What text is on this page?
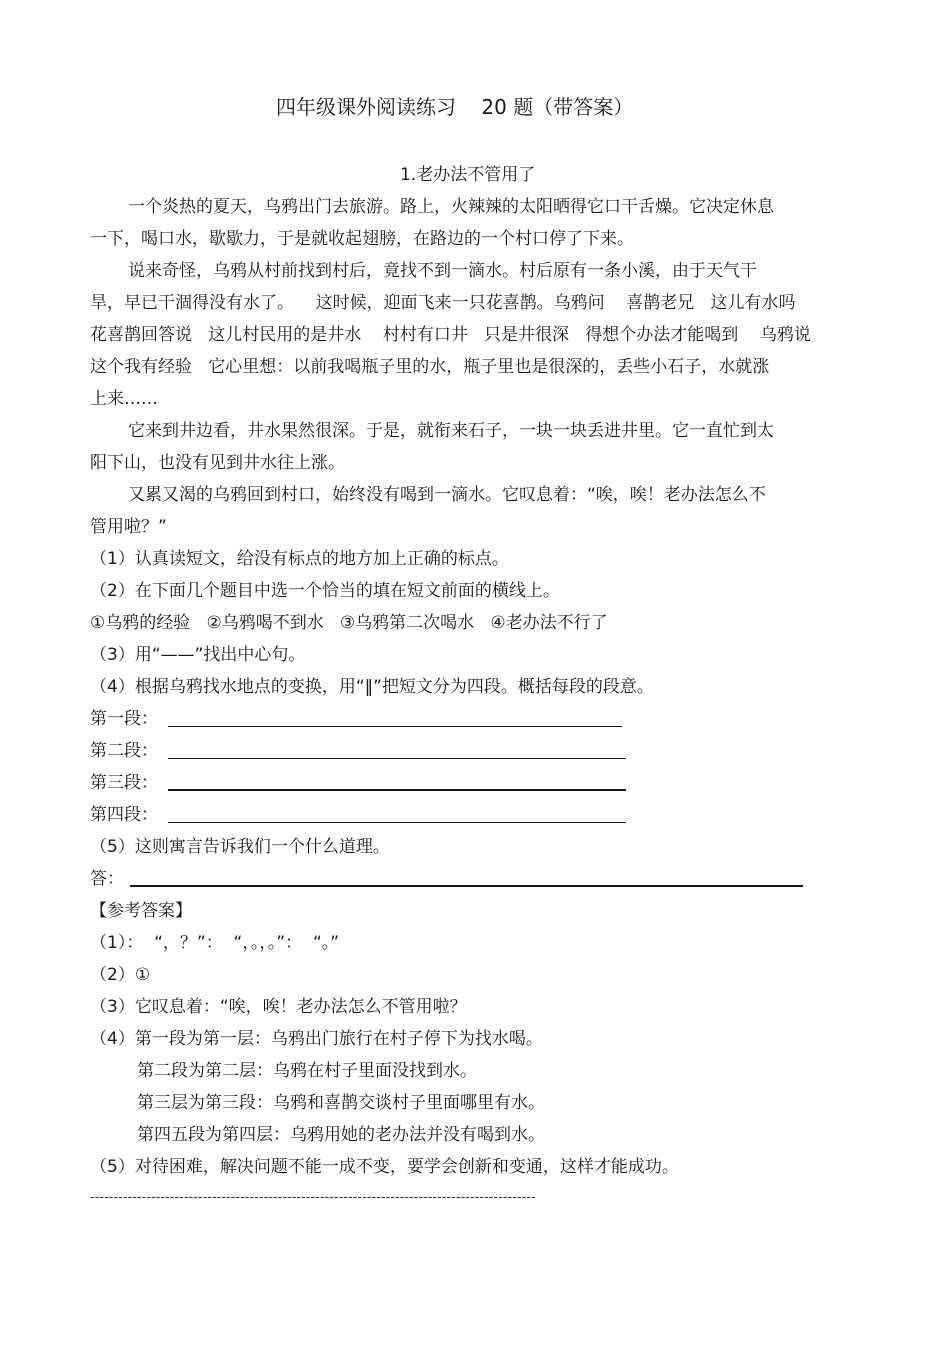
四年级课外阅读练习    20 题（带答案）
1.老办法不管用了
一个炎热的夏天，乌鸦出门去旅游。路上，火辣辣的太阳晒得它口干舌燥。它决定休息
一下，喝口水，歇歇力，于是就收起翅膀，在路边的一个村口停了下来。
说来奇怪，乌鸦从村前找到村后，竟找不到一滴水。村后原有一条小溪，由于天气干
旱，早已干涸得没有水了。    这时候，迎面飞来一只花喜鹊。乌鸦问    喜鹊老兄   这儿有水吗
花喜鹊回答说   这儿村民用的是井水    村村有口井   只是井很深   得想个办法才能喝到    乌鸦说
这个我有经验   它心里想：以前我喝瓶子里的水，瓶子里也是很深的，丢些小石子，水就涨
上来……
它来到井边看，井水果然很深。于是，就衔来石子，一块一块丢进井里。它一直忙到太
阳下山，也没有见到井水往上涨。
又累又渴的乌鸦回到村口，始终没有喝到一滴水。它叹息着：“唉，唉！老办法怎么不
管用啦？”
（1）认真读短文，给没有标点的地方加上正确的标点。
（2）在下面几个题目中选一个恰当的填在短文前面的横线上。
①乌鸦的经验   ②乌鸦喝不到水   ③乌鸦第二次喝水   ④老办法不行了
（3）用“——”找出中心句。
（4）根据乌鸦找水地点的变换，用“‖”把短文分为四段。概括每段的段意。
第一段：
第二段：
第三段：
第四段：
（5）这则寓言告诉我们一个什么道理。
答：
【参考答案】
（1）：  “，？”：  “，。，。”：  “。”
（2）①
（3）它叹息着：“唉，唉！老办法怎么不管用啦？
（4）第一段为第一层：乌鸦出门旅行在村子停下为找水喝。
第二段为第二层：乌鸦在村子里面没找到水。
第三层为第三段：乌鸦和喜鹊交谈村子里面哪里有水。
第四五段为第四层：乌鸦用她的老办法并没有喝到水。
（5）对待困难，解决问题不能一成不变，要学会创新和变通，这样才能成功。
-----------------------------------------------------------------------------------------------
